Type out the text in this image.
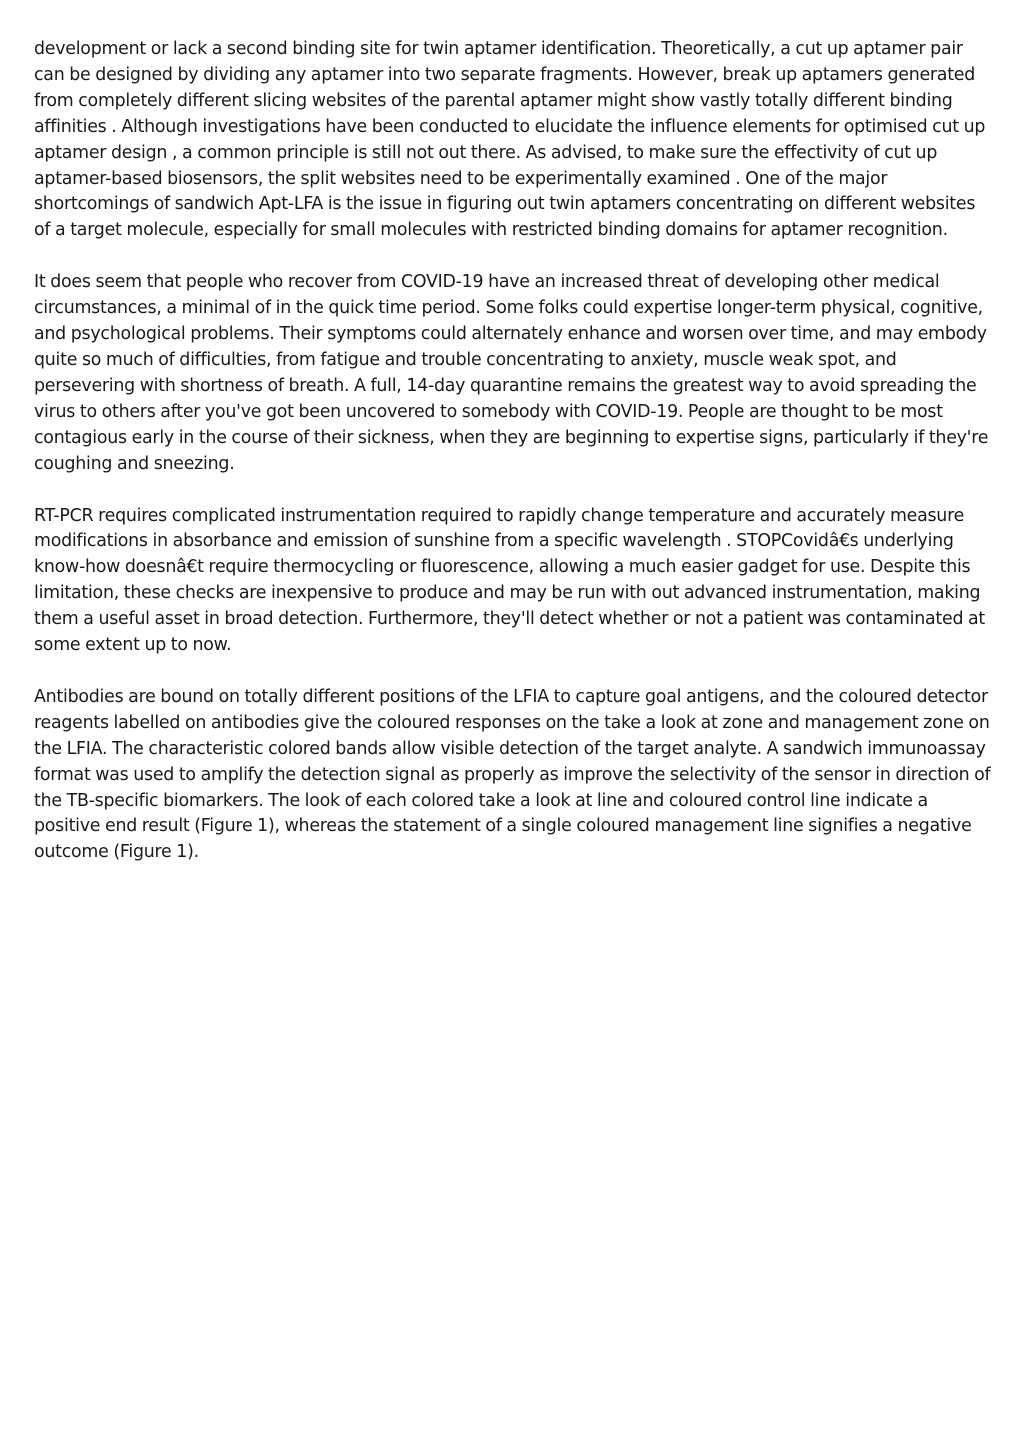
development or lack a second binding site for twin aptamer identification. Theoretically, a cut up aptamer pair can be designed by dividing any aptamer into two separate fragments. However, break up aptamers generated from completely different slicing websites of the parental aptamer might show vastly totally different binding affinities . Although investigations have been conducted to elucidate the influence elements for optimised cut up aptamer design , a common principle is still not out there. As advised, to make sure the effectivity of cut up aptamer-based biosensors, the split websites need to be experimentally examined . One of the major shortcomings of sandwich Apt-LFA is the issue in figuring out twin aptamers concentrating on different websites of a target molecule, especially for small molecules with restricted binding domains for aptamer recognition.

It does seem that people who recover from COVID-19 have an increased threat of developing other medical circumstances, a minimal of in the quick time period. Some folks could expertise longer-term physical, cognitive, and psychological problems. Their symptoms could alternately enhance and worsen over time, and may embody quite so much of difficulties, from fatigue and trouble concentrating to anxiety, muscle weak spot, and persevering with shortness of breath. A full, 14-day quarantine remains the greatest way to avoid spreading the virus to others after you've got been uncovered to somebody with COVID-19. People are thought to be most contagious early in the course of their sickness, when they are beginning to expertise signs, particularly if they're coughing and sneezing.

RT-PCR requires complicated instrumentation required to rapidly change temperature and accurately measure modifications in absorbance and emission of sunshine from a specific wavelength . STOPCovidâ€s underlying know-how doesnâ€t require thermocycling or fluorescence, allowing a much easier gadget for use. Despite this limitation, these checks are inexpensive to produce and may be run with out advanced instrumentation, making them a useful asset in broad detection. Furthermore, they'll detect whether or not a patient was contaminated at some extent up to now.

Antibodies are bound on totally different positions of the LFIA to capture goal antigens, and the coloured detector reagents labelled on antibodies give the coloured responses on the take a look at zone and management zone on the LFIA. The characteristic colored bands allow visible detection of the target analyte. A sandwich immunoassay format was used to amplify the detection signal as properly as improve the selectivity of the sensor in direction of the TB-specific biomarkers. The look of each colored take a look at line and coloured control line indicate a positive end result (Figure 1), whereas the statement of a single coloured management line signifies a negative outcome (Figure 1).
